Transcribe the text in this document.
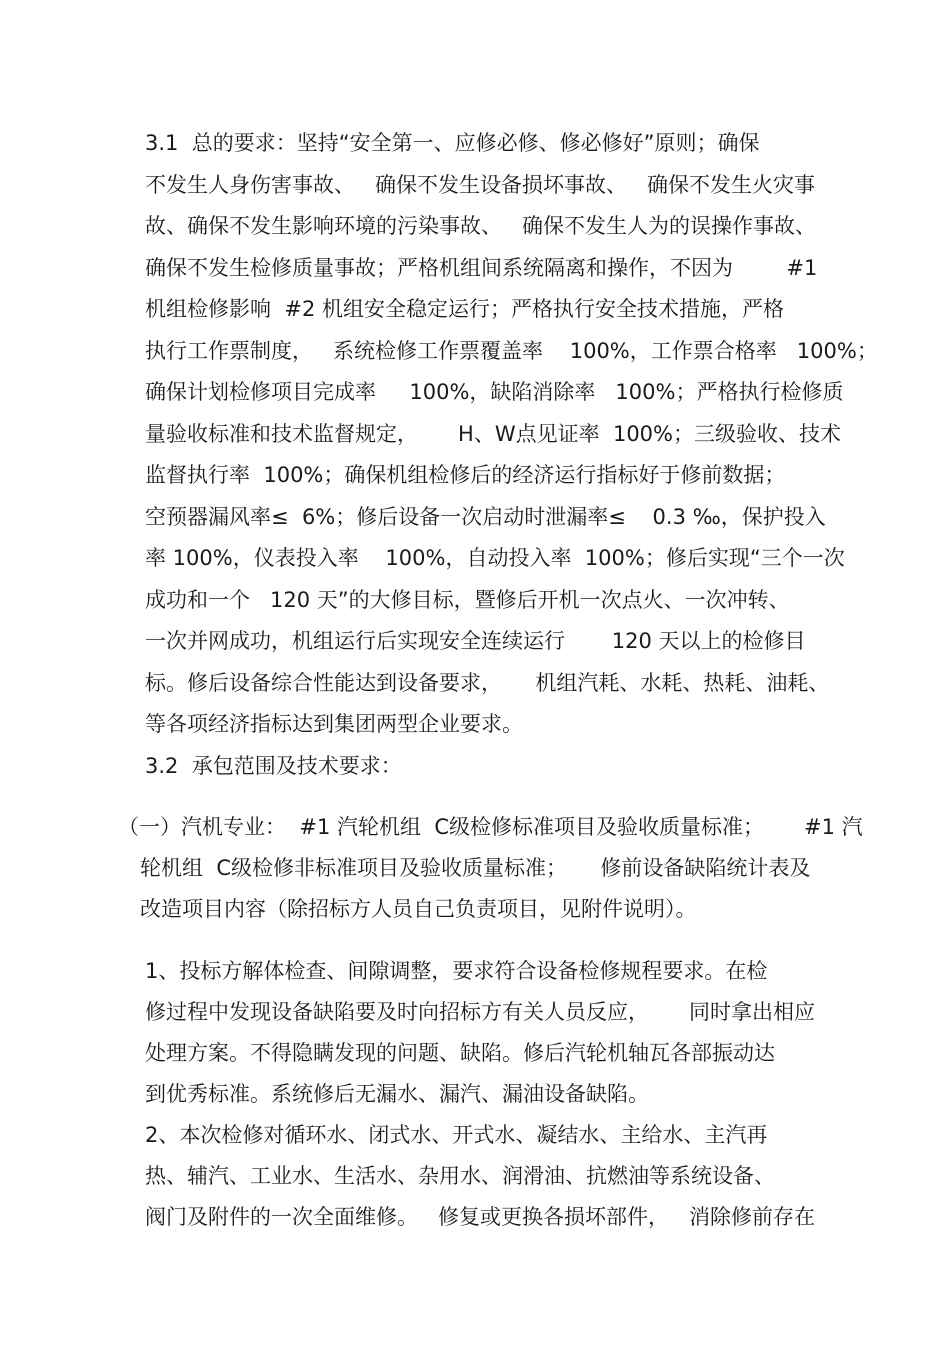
3.1  总的要求：坚持“安全第一、应修必修、修必修好”原则；确保
不发生人身伤害事故、   确保不发生设备损坏事故、   确保不发生火灾事
故、确保不发生影响环境的污染事故、   确保不发生人为的误操作事故、
确保不发生检修质量事故；严格机组间系统隔离和操作，不因为        #1
机组检修影响  #2 机组安全稳定运行；严格执行安全技术措施，严格
执行工作票制度，   系统检修工作票覆盖率    100%，工作票合格率   100%；
确保计划检修项目完成率     100%，缺陷消除率   100%；严格执行检修质
量验收标准和技术监督规定，      H、W点见证率  100%；三级验收、技术
监督执行率  100%；确保机组检修后的经济运行指标好于修前数据；
空预器漏风率≤  6%；修后设备一次启动时泄漏率≤    0.3 ‰，保护投入
率 100%，仪表投入率    100%，自动投入率  100%；修后实现“三个一次
成功和一个   120 天”的大修目标，暨修后开机一次点火、一次冲转、
一次并网成功，机组运行后实现安全连续运行       120 天以上的检修目
标。修后设备综合性能达到设备要求，     机组汽耗、水耗、热耗、油耗、
等各项经济指标达到集团两型企业要求。
3.2  承包范围及技术要求：
（一）汽机专业：  #1 汽轮机组  C级检修标准项目及验收质量标准；      #1 汽
轮机组  C级检修非标准项目及验收质量标准；     修前设备缺陷统计表及
改造项目内容（除招标方人员自己负责项目，见附件说明）。
1、投标方解体检查、间隙调整，要求符合设备检修规程要求。在检
修过程中发现设备缺陷要及时向招标方有关人员反应，      同时拿出相应
处理方案。不得隐瞒发现的问题、缺陷。修后汽轮机轴瓦各部振动达
到优秀标准。系统修后无漏水、漏汽、漏油设备缺陷。
2、本次检修对循环水、闭式水、开式水、凝结水、主给水、主汽再
热、辅汽、工业水、生活水、杂用水、润滑油、抗燃油等系统设备、
阀门及附件的一次全面维修。   修复或更换各损坏部件，   消除修前存在
